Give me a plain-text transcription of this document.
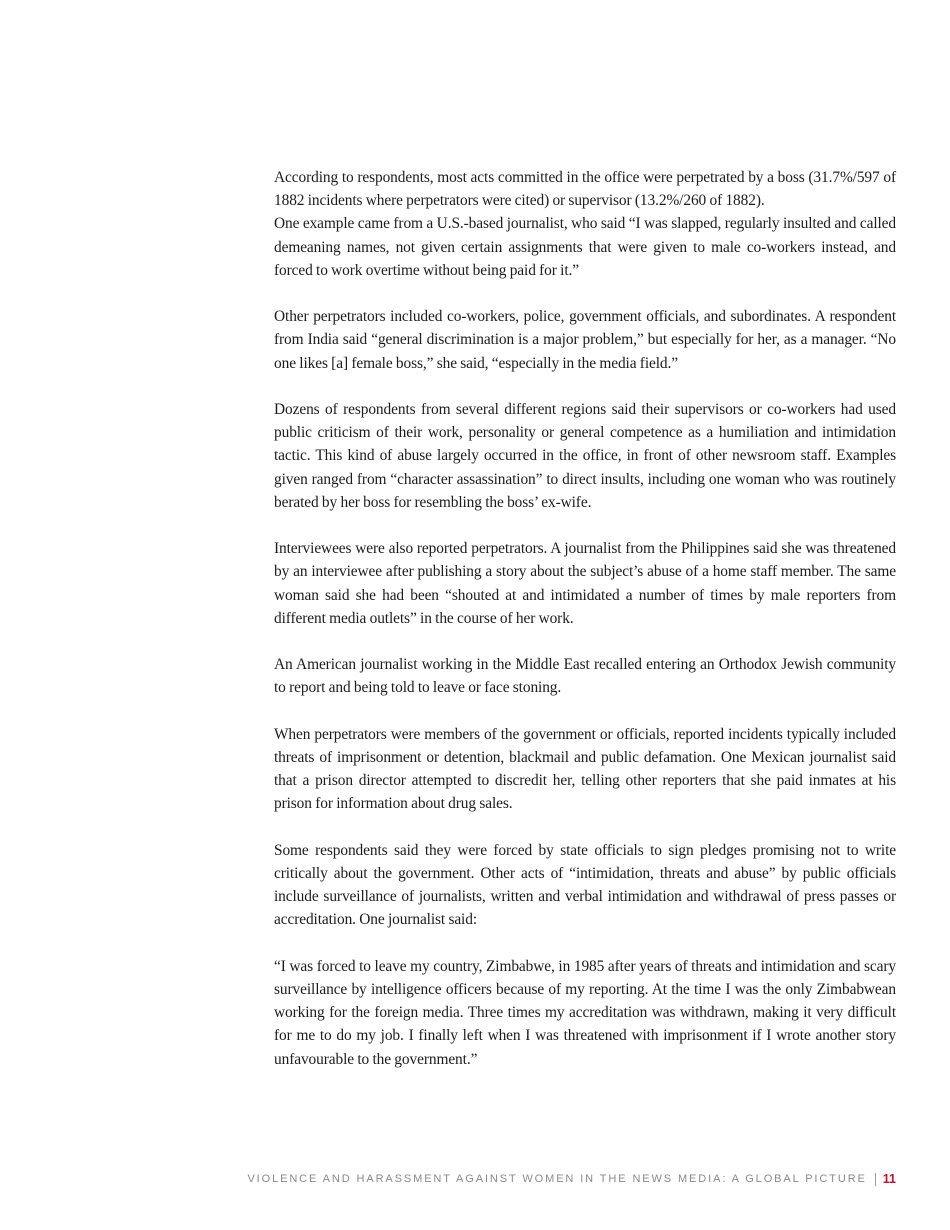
According to respondents, most acts committed in the office were perpetrated by a boss (31.7%/597 of 1882 incidents where perpetrators were cited) or supervisor (13.2%/260 of 1882).

One example came from a U.S.-based journalist, who said “I was slapped, regularly insulted and called demeaning names, not given certain assignments that were given to male co-workers instead, and forced to work overtime without being paid for it.”

Other perpetrators included co-workers, police, government officials, and subordinates. A respondent from India said “general discrimination is a major problem,” but especially for her, as a manager. “No one likes [a] female boss,” she said, “especially in the media field.”

Dozens of respondents from several different regions said their supervisors or co-workers had used public criticism of their work, personality or general competence as a humiliation and intimidation tactic. This kind of abuse largely occurred in the office, in front of other newsroom staff. Examples given ranged from “character assassination” to direct insults, including one woman who was routinely berated by her boss for resembling the boss’ ex-wife.

Interviewees were also reported perpetrators. A journalist from the Philippines said she was threatened by an interviewee after publishing a story about the subject’s abuse of a home staff member. The same woman said she had been “shouted at and intimidated a number of times by male reporters from different media outlets” in the course of her work.

An American journalist working in the Middle East recalled entering an Orthodox Jewish community to report and being told to leave or face stoning.

When perpetrators were members of the government or officials, reported incidents typically included threats of imprisonment or detention, blackmail and public defamation. One Mexican journalist said that a prison director attempted to discredit her, telling other reporters that she paid inmates at his prison for information about drug sales.

Some respondents said they were forced by state officials to sign pledges promising not to write critically about the government. Other acts of “intimidation, threats and abuse” by public officials include surveillance of journalists, written and verbal intimidation and withdrawal of press passes or accreditation. One journalist said:

“I was forced to leave my country, Zimbabwe, in 1985 after years of threats and intimidation and scary surveillance by intelligence officers because of my reporting. At the time I was the only Zimbabwean working for the foreign media. Three times my accreditation was withdrawn, making it very difficult for me to do my job. I finally left when I was threatened with imprisonment if I wrote another story unfavourable to the government.”

VIOLENCE AND HARASSMENT AGAINST WOMEN IN THE NEWS MEDIA: A GLOBAL PICTURE 11
